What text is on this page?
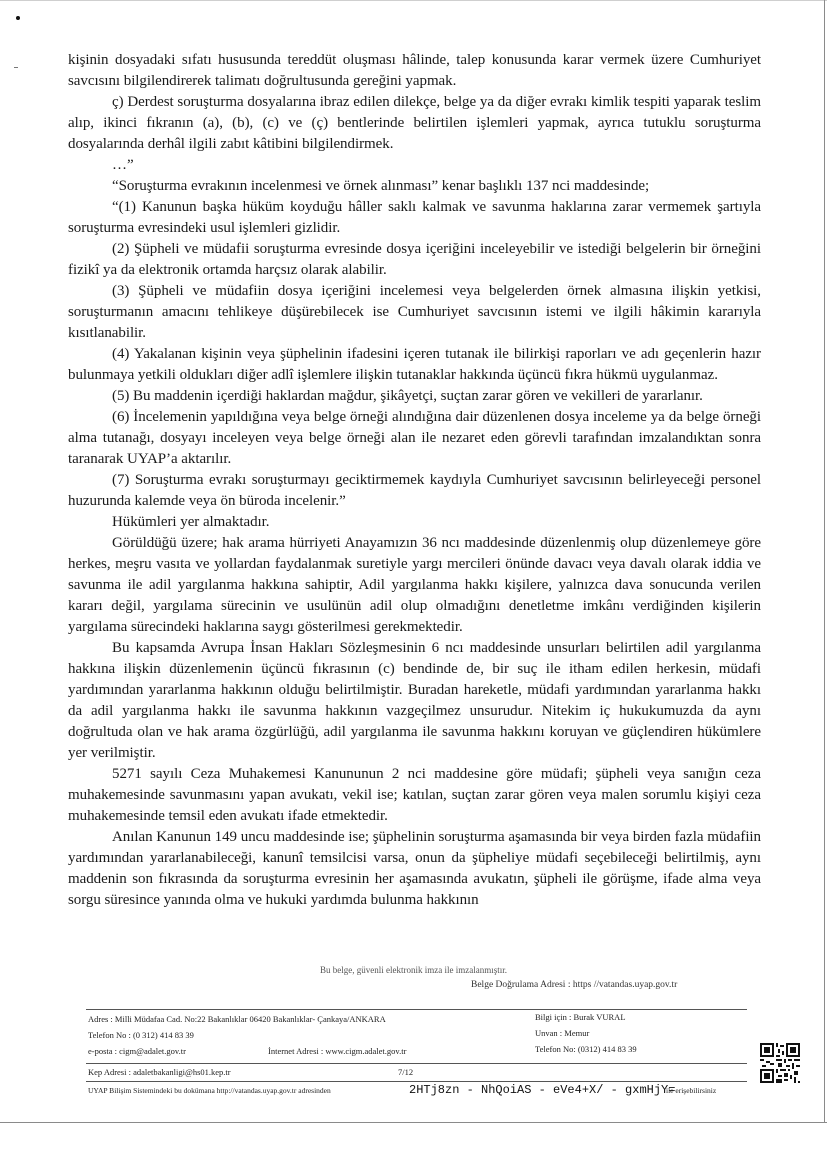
kişinin dosyadaki sıfatı hususunda tereddüt oluşması hâlinde, talep konusunda karar vermek üzere Cumhuriyet savcısını bilgilendirerek talimatı doğrultusunda gereğini yapmak.

ç) Derdest soruşturma dosyalarına ibraz edilen dilekçe, belge ya da diğer evrakı kimlik tespiti yaparak teslim alıp, ikinci fıkranın (a), (b), (c) ve (ç) bentlerinde belirtilen işlemleri yapmak, ayrıca tutuklu soruşturma dosyalarında derhâl ilgili zabıt kâtibini bilgilendirmek.

…”

“Soruşturma evrakının incelenmesi ve örnek alınması” kenar başlıklı 137 nci maddesinde;

“(1) Kanunun başka hüküm koyduğu hâller saklı kalmak ve savunma haklarına zarar vermemek şartıyla soruşturma evresindeki usul işlemleri gizlidir.

(2) Şüpheli ve müdafii soruşturma evresinde dosya içeriğini inceleyebilir ve istediği belgelerin bir örneğini fizikî ya da elektronik ortamda harçsız olarak alabilir.

(3) Şüpheli ve müdafiin dosya içeriğini incelemesi veya belgelerden örnek almasına ilişkin yetkisi, soruşturmanın amacını tehlikeye düşürebilecek ise Cumhuriyet savcısının istemi ve ilgili hâkimin kararıyla kısıtlanabilir.

(4) Yakalanan kişinin veya şüphelinin ifadesini içeren tutanak ile bilirkişi raporları ve adı geçenlerin hazır bulunmaya yetkili oldukları diğer adlî işlemlere ilişkin tutanaklar hakkında üçüncü fıkra hükmü uygulanmaz.

(5) Bu maddenin içerdiği haklardan mağdur, şikâyetçi, suçtan zarar gören ve vekilleri de yararlanır.

(6) İncelemenin yapıldığına veya belge örneği alındığına dair düzenlenen dosya inceleme ya da belge örneği alma tutanağı, dosyayı inceleyen veya belge örneği alan ile nezaret eden görevli tarafından imzalandıktan sonra taranarak UYAP’a aktarılır.

(7) Soruşturma evrakı soruşturmayı geciktirmemek kaydıyla Cumhuriyet savcısının belirleyeceği personel huzurunda kalemde veya ön büroda incelenir.”

Hükümleri yer almaktadır.

Görüldüğü üzere; hak arama hürriyeti Anayamızın 36 ncı maddesinde düzenlenmiş olup düzenlemeye göre herkes, meşru vasıta ve yollardan faydalanmak suretiyle yargı mercileri önünde davacı veya davalı olarak iddia ve savunma ile adil yargılanma hakkına sahiptir, Adil yargılanma hakkı kişilere, yalnızca dava sonucunda verilen kararı değil, yargılama sürecinin ve usulünün adil olup olmadığını denetletme imkânı verdiğinden kişilerin yargılama sürecindeki haklarına saygı gösterilmesi gerekmektedir.

Bu kapsamda Avrupa İnsan Hakları Sözleşmesinin 6 ncı maddesinde unsurları belirtilen adil yargılanma hakkına ilişkin düzenlemenin üçüncü fıkrasının (c) bendinde de, bir suç ile itham edilen herkesin, müdafi yardımından yararlanma hakkının olduğu belirtilmiştir. Buradan hareketle, müdafi yardımından yararlanma hakkı da adil yargılanma hakkı ile savunma hakkının vazgeçilmez unsurudur. Nitekim iç hukukumuzda da aynı doğrultuda olan ve hak arama özgürlüğü, adil yargılanma ile savunma hakkını koruyan ve güçlendiren hükümlere yer verilmiştir.

5271 sayılı Ceza Muhakemesi Kanununun 2 nci maddesine göre müdafi; şüpheli veya sanığın ceza muhakemesinde savunmasını yapan avukatı, vekil ise; katılan, suçtan zarar gören veya malen sorumlu kişiyi ceza muhakemesinde temsil eden avukatı ifade etmektedir.

Anılan Kanunun 149 uncu maddesinde ise; şüphelinin soruşturma aşamasında bir veya birden fazla müdafiin yardımından yararlanabileceği, kanunî temsilcisi varsa, onun da şüpheliye müdafi seçebileceği belirtilmiş, aynı maddenin son fıkrasında da soruşturma evresinin her aşamasında avukatın, şüpheli ile görüşme, ifade alma veya sorgu süresince yanında olma ve hukuki yardımda bulunma hakkının

Bu belge, güvenli elektronik imza ile imzalanmıştır.
Belge Doğrulama Adresi : https //vatandas.uyap.gov.tr
Adres : Milli Müdafaa Cad. No:22 Bakanlıklar 06420 Bakanlıklar- Çankaya/ANKARA
Telefon No : (0 312) 414 83 39
e-posta : cigm@adalet.gov.tr	İnternet Adresi : www.cigm.adalet.gov.tr
Bilgi için : Burak VURAL
Unvan : Memur
Telefon No: (0312) 414 83 39
Kep Adresi : adaletbakanligi@hs01.kep.tr	7/12
UYAP Bilişim Sistemindeki bu dokümana http://vatandas.uyap.gov.tr adresinden	2HTj8zn - NhQoiAS - eVe4+X/ - gxmHjY=
ile erişebilirsiniz
